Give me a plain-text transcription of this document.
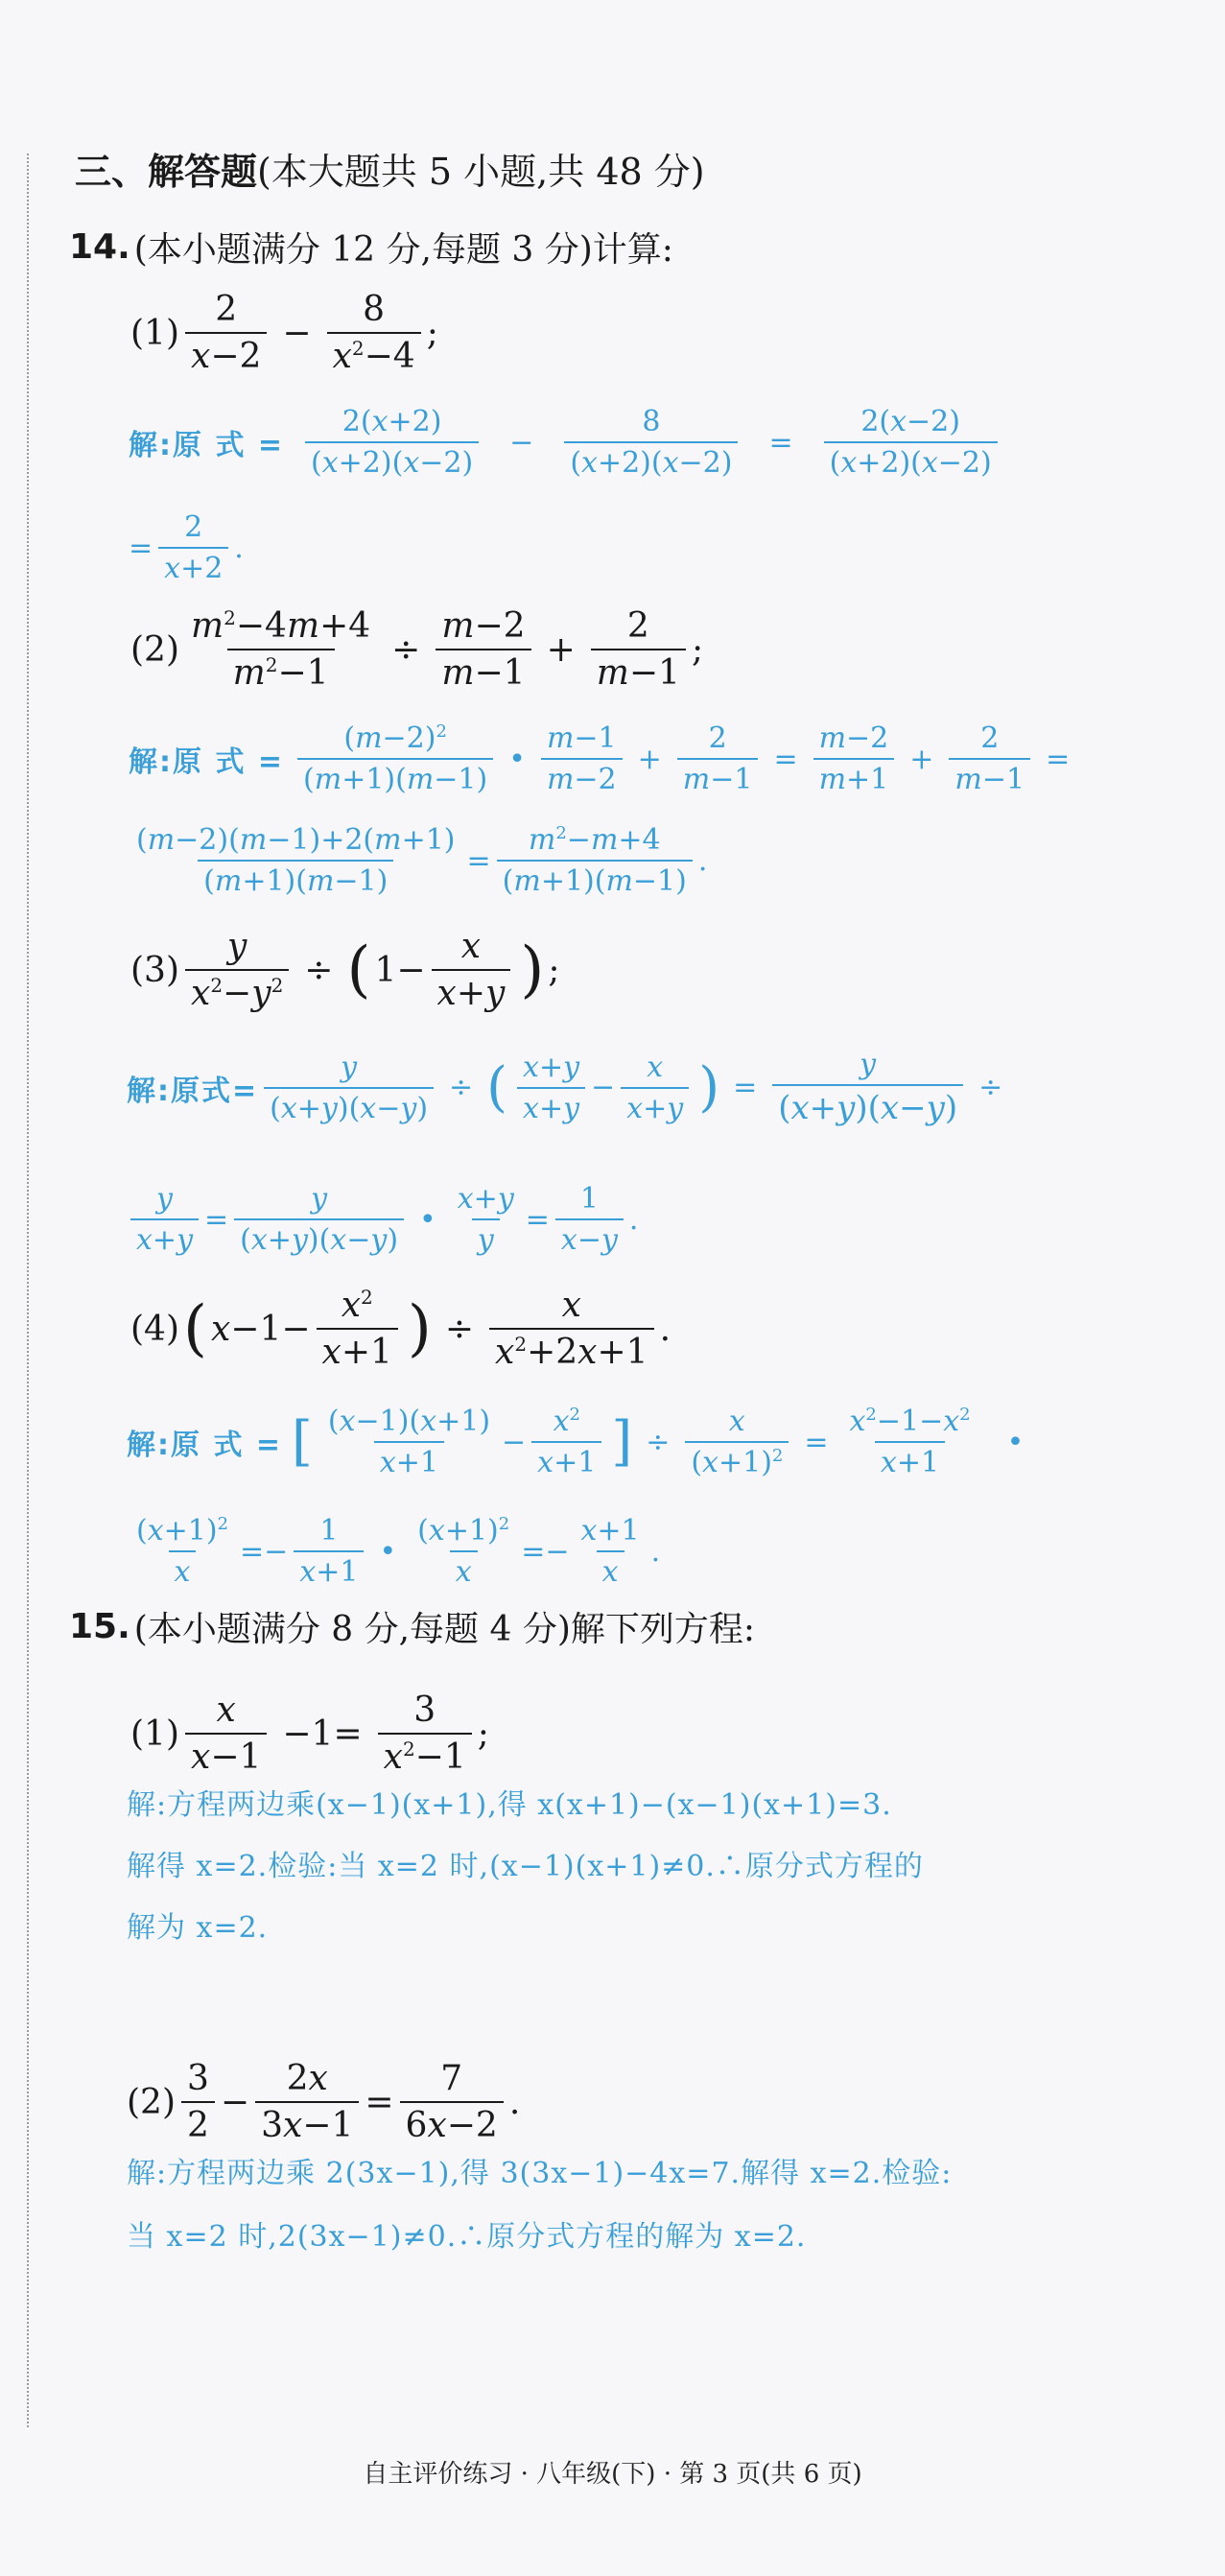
三、解答题 (本大题共 5 小题,共 48 分)
14. (本小题满分 12 分,每题 3 分)计算:
$(1) \frac{2}{x-2} - \frac{8}{x^2-4}$ ;
解:原 式 = $\frac{2(x+2)}{(x+2)(x-2)} - \frac{8}{(x+2)(x-2)} = \frac{2(x-2)}{(x+2)(x-2)}$
= $\frac{2}{x+2}$ .
$(2) \frac{m^2-4m+4}{m^2-1} \div \frac{m-2}{m-1} + \frac{2}{m-1}$ ;
解:原 式 = $\frac{(m-2)^2}{(m+1)(m-1)}$ • $\frac{m-1}{m-2} + \frac{2}{m-1} = \frac{m-2}{m+1} + \frac{2}{m-1}$ =
$\frac{(m-2)(m-1)+2(m+1)}{(m+1)(m-1)} = \frac{m^2-m+4}{(m+1)(m-1)}$ .
$(3) \frac{y}{x^2-y^2}$ ÷ ( $1- \frac{x}{x+y}$ ) ;
解:原式= $\frac{y}{(x+y)(x-y)}$ ÷ ( $\frac{x+y}{x+y} - \frac{x}{x+y}$ ) = $\frac{y}{(x+y)(x-y)}$ ÷
$\frac{y}{x+y} = \frac{y}{(x+y)(x-y)}$ • $\frac{x+y}{y} = \frac{1}{x-y}$ .
(4) ( $x-1- \frac{x^2}{x+1}$ ) ÷ $\frac{x}{x^2+2x+1}$ .
解:原 式 = [ $\frac{(x-1)(x+1)}{x+1} - \frac{x^2}{x+1}$ ] ÷ $\frac{x}{(x+1)^2} = \frac{x^2-1-x^2}{x+1}$ •
$\frac{(x+1)^2}{x} =- \frac{1}{x+1}$ • $\frac{(x+1)^2}{x} =- \frac{x+1}{x}$ .
15. (本小题满分 8 分,每题 4 分)解下列方程:
$(1) \frac{x}{x-1} -1= \frac{3}{x^2-1}$ ;
解:方程两边乘(x−1)(x+1),得 x(x+1)−(x−1)(x+1)=3.
解得 x=2.检验:当 x=2 时,(x−1)(x+1)≠0.∴原分式方程的
解为 x=2.
$(2) \frac{3}{2} - \frac{2x}{3x-1} = \frac{7}{6x-2}$ .
解:方程两边乘 2(3x−1),得 3(3x−1)−4x=7.解得 x=2.检验:
当 x=2 时,2(3x−1)≠0.∴原分式方程的解为 x=2.
自主评价练习 · 八年级(下) · 第 3 页(共 6 页)
